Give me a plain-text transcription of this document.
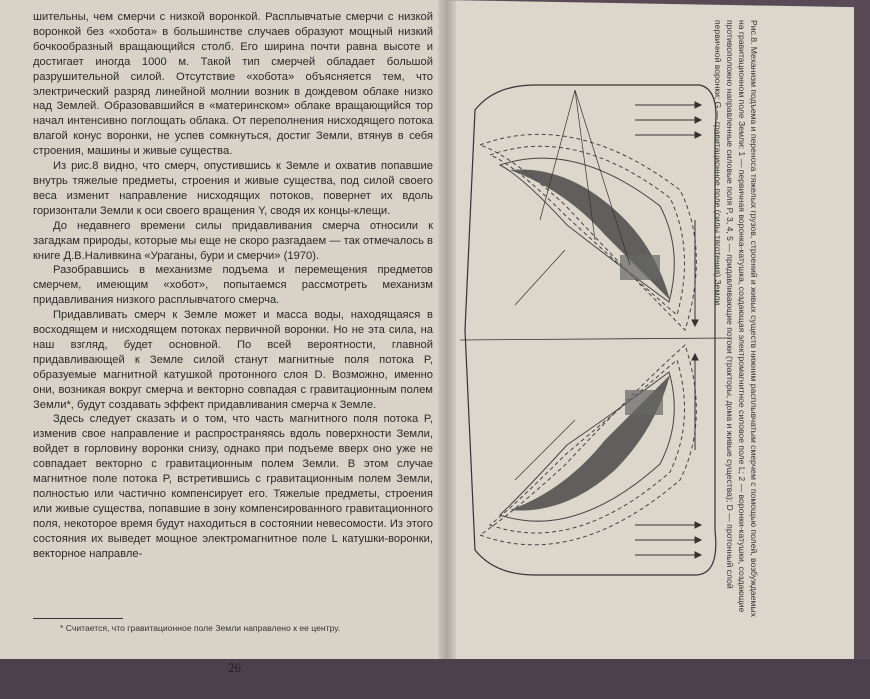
шительны, чем смерчи с низкой воронкой. Расплывчатые смерчи с низкой воронкой без «хобота» в большинстве случаев образуют мощный низкий бочкообразный вращающийся столб. Его ширина почти равна высоте и достигает иногда 1000 м. Такой тип смерчей обладает большой разрушительной силой. Отсутствие «хобота» объясняется тем, что электрический разряд линейной молнии возник в дождевом облаке низко над Землей. Образовавшийся в «материнском» облаке вращающийся тор начал интенсивно поглощать облака. От переполнения нисходящего потока влагой конус воронки, не успев сомкнуться, достиг Земли, втянув в себя строения, машины и живые существа.

Из рис.8 видно, что смерч, опустившись к Земле и охватив попавшие внутрь тяжелые предметы, строения и живые существа, под силой своего веса изменит направление нисходящих потоков, повернет их вдоль горизонтали Земли к оси своего вращения Y, сводя их концы-клещи.

До недавнего времени силы придавливания смерча относили к загадкам природы, которые мы еще не скоро разгадаем — так отмечалось в книге Д.В.Наливкина «Ураганы, бури и смерчи» (1970).

Разобравшись в механизме подъема и перемещения предметов смерчем, имеющим «хобот», попытаемся рассмотреть механизм придавливания низкого расплывчатого смерча.

Придавливать смерч к Земле может и масса воды, находящаяся в восходящем и нисходящем потоках первичной воронки. Но не эта сила, на наш взгляд, будет основной. По всей вероятности, главной придавливающей к Земле силой станут магнитные поля потока P, образуемые магнитной катушкой протонного слоя D. Возможно, именно они, возникая вокруг смерча и векторно совпадая с гравитационным полем Земли*, будут создавать эффект придавливания смерча к Земле.

Здесь следует сказать и о том, что часть магнитного поля потока P, изменив свое направление и распространяясь вдоль поверхности Земли, войдет в горловину воронки снизу, однако при подъеме вверх оно уже не совпадает векторно с гравитационным полем Земли. В этом случае магнитное поле потока P, встретившись с гравитационным полем Земли, полностью или частично компенсирует его. Тяжелые предметы, строения или живые существа, попавшие в зону компенсированного гравитационного поля, некоторое время будут находиться в состоянии невесомости. Из этого состояния их выведет мощное электромагнитное поле L катушки-воронки, векторное направле-

* Считается, что гравитационное поле Земли направлено к ее центру.
26
Рис.8. Механизм подъема и переноса тяжелых грузов, строений и живых существ нижним расплывчатым смерчем с помощью полей, возбуждаемых на гравитационном поле Земли: 1 — первичная воронка-катушка, создающая электромагнитное силовое поле L; 2 — воронки-катушки, создающие противоположно направленные силовые поля P, 3, 4, 5 — придавливающие потоки (тракторы, дома и живые существа); D — протонный слой первичной воронки; G — гравитационное поле (силы тяготения) Земли
